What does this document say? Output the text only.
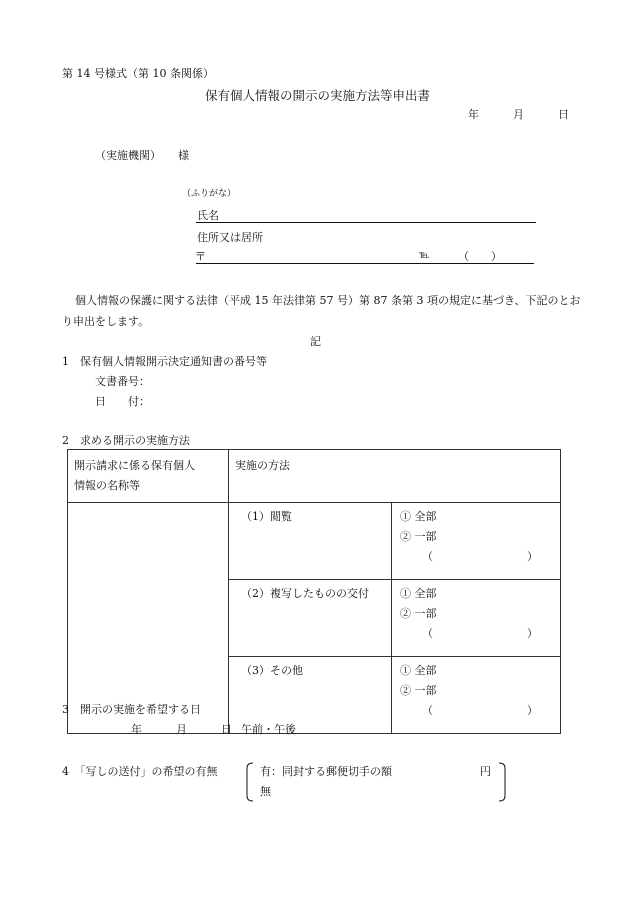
第 14 号様式（第 10 条関係）
保有個人情報の開示の実施方法等申出書
年	月	日
（実施機関） 様
（ふりがな）
氏名
住所又は居所
〒	℡	（　　）
個人情報の保護に関する法律（平成 15 年法律第 57 号）第 87 条第 3 項の規定に基づき、下記のとお
り申出をします。
記
1　保有個人情報開示決定通知書の番号等
文書番号：
日　　付：
2　求める開示の実施方法
開示請求に係る保有個人
情報の名称等	実施の方法	

	（1）閲覧	① 全部
② 一部
（ ）

	（2）複写したものの交付	① 全部
② 一部
（ ）

	（3）その他	① 全部
② 一部
（ ）
3　開示の実施を希望する日
年	月	日 午前・午後
4　「写しの送付」の希望の有無	有：同封する郵便切手の額	円
無
